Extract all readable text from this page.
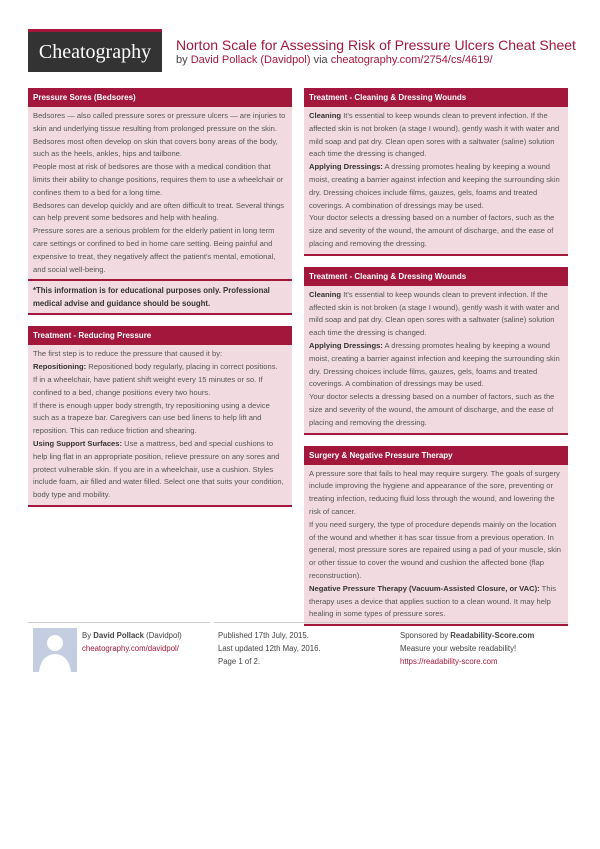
Cheatography	Norton Scale for Assessing Risk of Pressure Ulcers Cheat Sheet
by David Pollack (Davidpol) via cheatography.com/2754/cs/4619/
Pressure Sores (Bedsores)
Bedsores — also called pressure sores or pressure ulcers — are injuries to skin and underlying tissue resulting from prolonged pressure on the skin. Bedsores most often develop on skin that covers bony areas of the body, such as the heels, ankles, hips and tailbone.
People most at risk of bedsores are those with a medical condition that limits their ability to change positions, requires them to use a wheelchair or confines them to a bed for a long time.
Bedsores can develop quickly and are often difficult to treat. Several things can help prevent some bedsores and help with healing.
Pressure sores are a serious problem for the elderly patient in long term care settings or confined to bed in home care setting. Being painful and expensive to treat, they negatively affect the patient's mental, emotional, and social well-being.
*This information is for educational purposes only. Professional medical advise and guidance should be sought.
Treatment - Reducing Pressure
The first step is to reduce the pressure that caused it by:
Repositioning: Repositioned body regularly, placing in correct positions.
If in a wheelchair, have patient shift weight every 15 minutes or so. If confined to a bed, change positions every two hours.
If there is enough upper body strength, try repositioning using a device such as a trapeze bar. Caregivers can use bed linens to help lift and reposition. This can reduce friction and shearing.
Using Support Surfaces: Use a mattress, bed and special cushions to help ling flat in an appropriate position, relieve pressure on any sores and protect vulnerable skin. If you are in a wheelchair, use a cushion. Styles include foam, air filled and water filled. Select one that suits your condition, body type and mobility.
Treatment - Cleaning & Dressing Wounds
Cleaning It's essential to keep wounds clean to prevent infection. If the affected skin is not broken (a stage I wound), gently wash it with water and mild soap and pat dry. Clean open sores with a saltwater (saline) solution each time the dressing is changed.
Applying Dressings: A dressing promotes healing by keeping a wound moist, creating a barrier against infection and keeping the surrounding skin dry. Dressing choices include films, gauzes, gels, foams and treated coverings. A combination of dressings may be used.
Your doctor selects a dressing based on a number of factors, such as the size and severity of the wound, the amount of discharge, and the ease of placing and removing the dressing.
Treatment - Cleaning & Dressing Wounds
Cleaning It's essential to keep wounds clean to prevent infection. If the affected skin is not broken (a stage I wound), gently wash it with water and mild soap and pat dry. Clean open sores with a saltwater (saline) solution each time the dressing is changed.
Applying Dressings: A dressing promotes healing by keeping a wound moist, creating a barrier against infection and keeping the surrounding skin dry. Dressing choices include films, gauzes, gels, foams and treated coverings. A combination of dressings may be used.
Your doctor selects a dressing based on a number of factors, such as the size and severity of the wound, the amount of discharge, and the ease of placing and removing the dressing.
Surgery & Negative Pressure Therapy
A pressure sore that fails to heal may require surgery. The goals of surgery include improving the hygiene and appearance of the sore, preventing or treating infection, reducing fluid loss through the wound, and lowering the risk of cancer.
If you need surgery, the type of procedure depends mainly on the location of the wound and whether it has scar tissue from a previous operation. In general, most pressure sores are repaired using a pad of your muscle, skin or other tissue to cover the wound and cushion the affected bone (flap reconstruction).
Negative Pressure Therapy (Vacuum-Assisted Closure, or VAC): This therapy uses a device that applies suction to a clean wound. It may help healing in some types of pressure sores.
By David Pollack (Davidpol)
cheatography.com/davidpol/
Published 17th July, 2015.
Last updated 12th May, 2016.
Page 1 of 2.
Sponsored by Readability-Score.com
Measure your website readability!
https://readability-score.com
